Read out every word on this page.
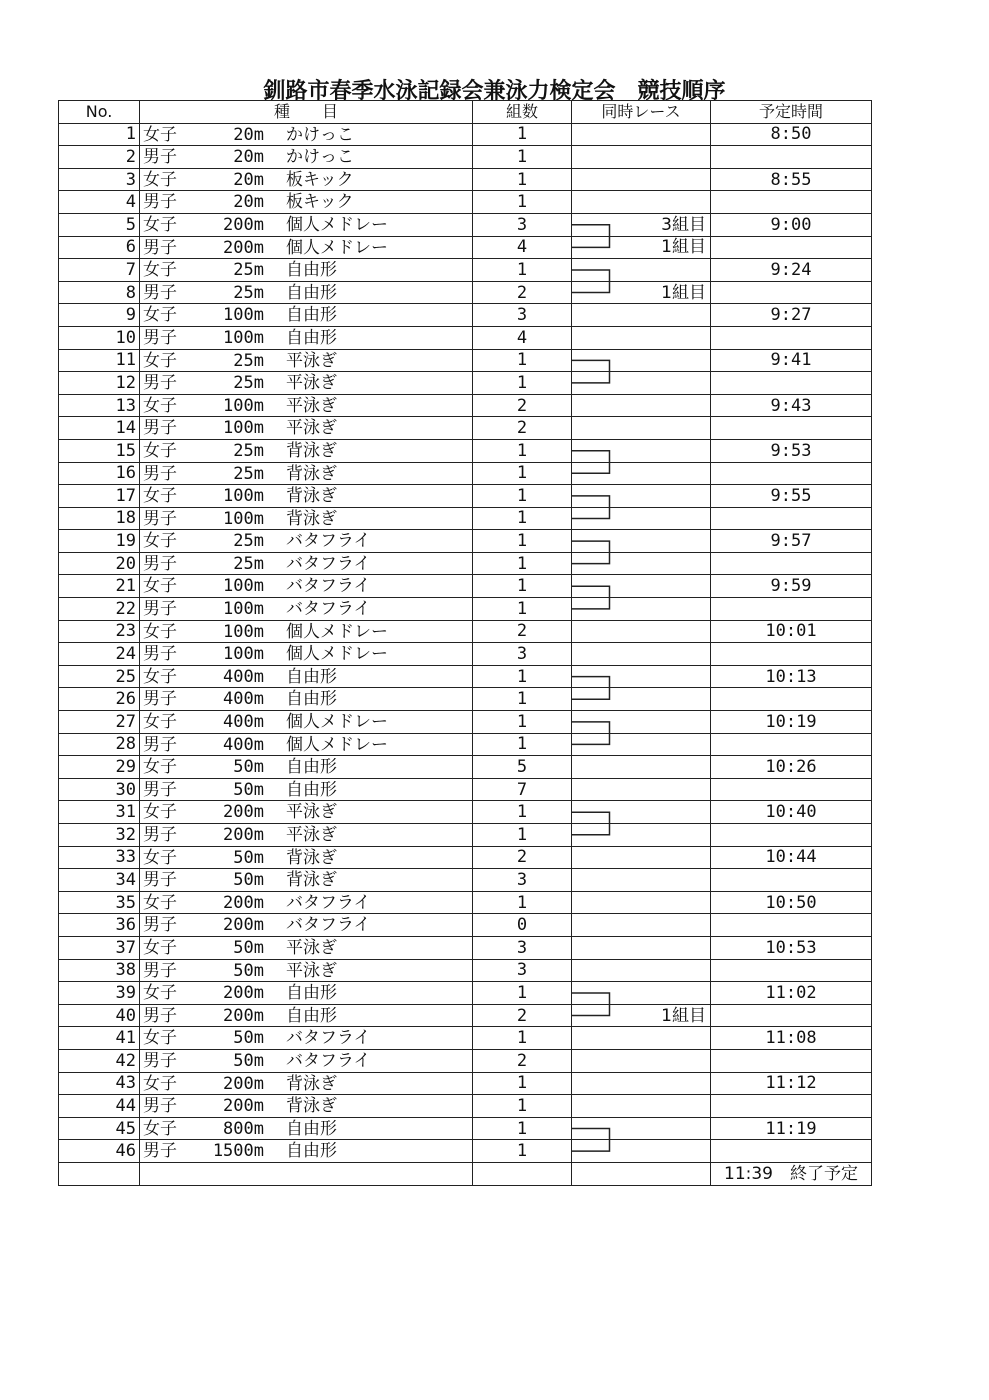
釧路市春季水泳記録会兼泳力検定会　競技順序
No.	種　　目	組数	同時レース	予定時間
1	女子 20m かけっこ	1		8:50
2	男子 20m かけっこ	1		
3	女子 20m 板キック	1		8:55
4	男子 20m 板キック	1		
5	女子 200m 個人メドレー	3	3組目	9:00
6	男子 200m 個人メドレー	4	1組目	
7	女子 25m 自由形	1		9:24
8	男子 25m 自由形	2	1組目	
9	女子 100m 自由形	3		9:27
10	男子 100m 自由形	4		
11	女子 25m 平泳ぎ	1		9:41
12	男子 25m 平泳ぎ	1		
13	女子 100m 平泳ぎ	2		9:43
14	男子 100m 平泳ぎ	2		
15	女子 25m 背泳ぎ	1		9:53
16	男子 25m 背泳ぎ	1		
17	女子 100m 背泳ぎ	1		9:55
18	男子 100m 背泳ぎ	1		
19	女子 25m バタフライ	1		9:57
20	男子 25m バタフライ	1		
21	女子 100m バタフライ	1		9:59
22	男子 100m バタフライ	1		
23	女子 100m 個人メドレー	2		10:01
24	男子 100m 個人メドレー	3		
25	女子 400m 自由形	1		10:13
26	男子 400m 自由形	1		
27	女子 400m 個人メドレー	1		10:19
28	男子 400m 個人メドレー	1		
29	女子 50m 自由形	5		10:26
30	男子 50m 自由形	7		
31	女子 200m 平泳ぎ	1		10:40
32	男子 200m 平泳ぎ	1		
33	女子 50m 背泳ぎ	2		10:44
34	男子 50m 背泳ぎ	3		
35	女子 200m バタフライ	1		10:50
36	男子 200m バタフライ	0		
37	女子 50m 平泳ぎ	3		10:53
38	男子 50m 平泳ぎ	3		
39	女子 200m 自由形	1		11:02
40	男子 200m 自由形	2	1組目	
41	女子 50m バタフライ	1		11:08
42	男子 50m バタフライ	2		
43	女子 200m 背泳ぎ	1		11:12
44	男子 200m 背泳ぎ	1		
45	女子 800m 自由形	1		11:19
46	男子 1500m 自由形	1		
				11:39　終了予定
